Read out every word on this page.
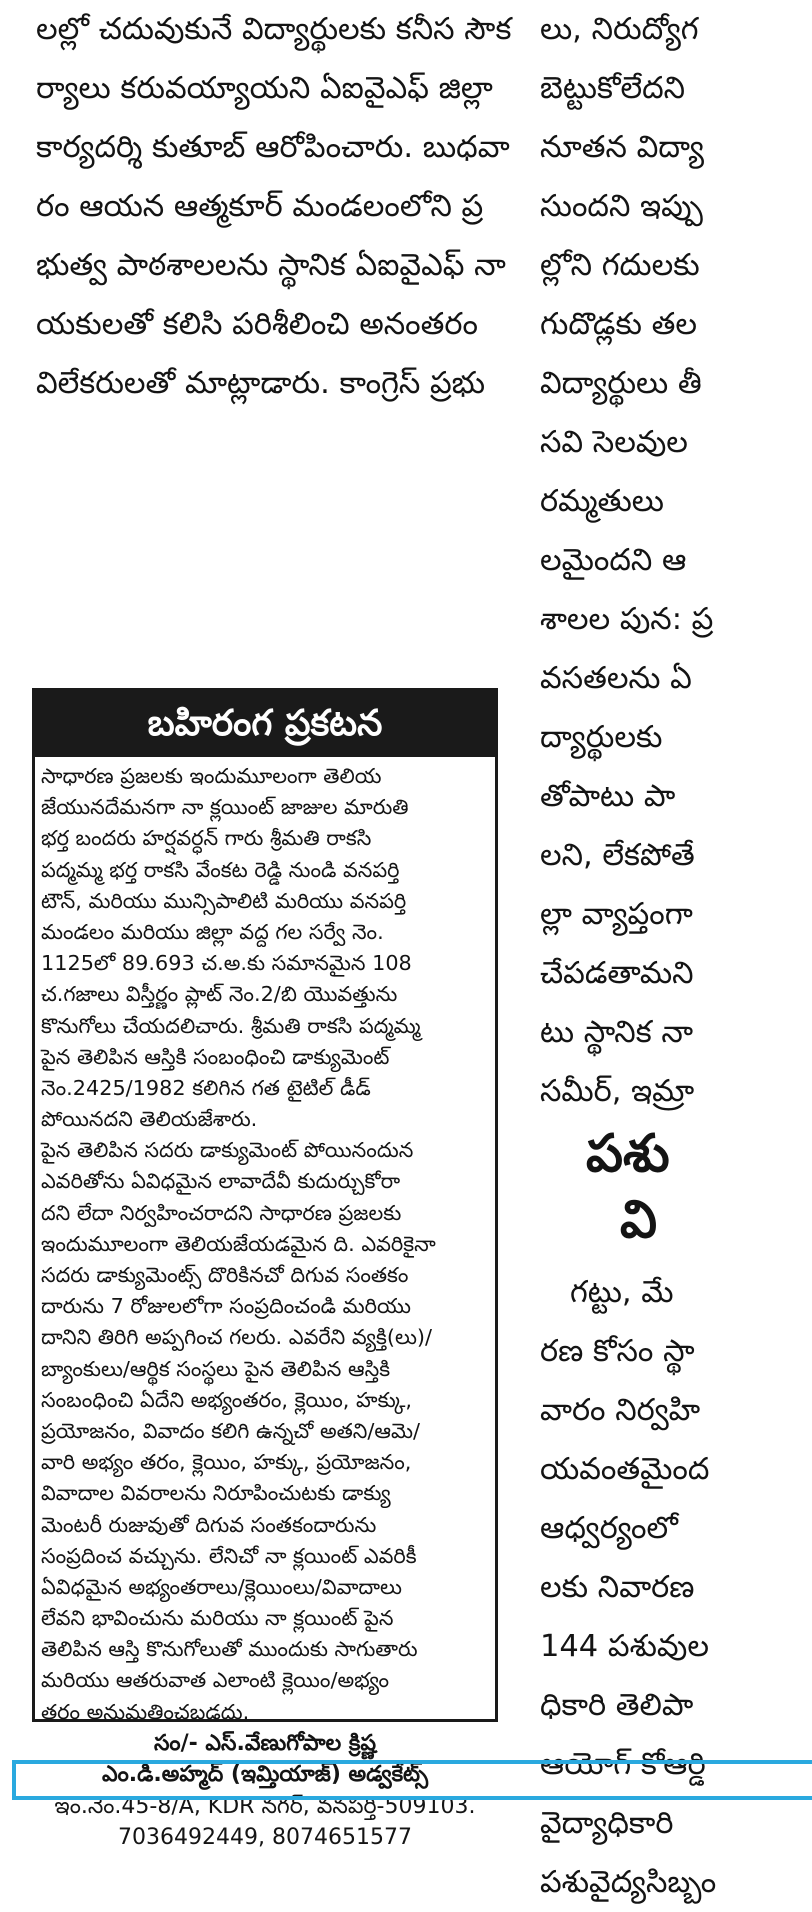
లల్లో చదువుకునే విద్యార్థులకు కనీస సౌక
ర్యాలు కరువయ్యాయని ఏఐవైఎఫ్ జిల్లా
కార్యదర్శి కుతూబ్ ఆరోపించారు. బుధవా
రం ఆయన ఆత్మకూర్ మండలంలోని ప్ర
భుత్వ పాఠశాలలను స్థానిక ఏఐవైఎఫ్ నా
యకులతో కలిసి పరిశీలించి అనంతరం
విలేకరులతో మాట్లాడారు. కాంగ్రెస్ ప్రభు
బహిరంగ ప్రకటన
సాధారణ ప్రజలకు ఇందుమూలంగా తెలియ
జేయునదేమనగా నా క్లయింట్ జాజుల మారుతి
భర్త బందరు హర్షవర్ధన్ గారు శ్రీమతి రాకసి
పద్మమ్మ భర్త రాకసి వేంకట రెడ్డి నుండి వనపర్తి
టౌన్, మరియు మున్సిపాలిటి మరియు వనపర్తి
మండలం మరియు జిల్లా వద్ద గల సర్వే నెం.
1125లో 89.693 చ.అ.కు సమానమైన 108
చ.గజాలు విస్తీర్ణం ప్లాట్ నెం.2/బి యొవత్తును
కొనుగోలు చేయదలిచారు. శ్రీమతి రాకసి పద్మమ్మ
పైన తెలిపిన ఆస్తికి సంబంధించి డాక్యుమెంట్
నెం.2425/1982 కలిగిన గత టైటిల్ డీడ్
పోయినదని తెలియజేశారు.
పైన తెలిపిన సదరు డాక్యుమెంట్ పోయినందున
ఎవరితోను ఏవిధమైన లావాదేవీ కుదుర్చుకోరా
దని లేదా నిర్వహించరాదని సాధారణ ప్రజలకు
ఇందుమూలంగా తెలియజేయడమైన ది. ఎవరికైనా
సదరు డాక్యుమెంట్స్ దొరికినచో దిగువ సంతకం
దారును 7 రోజులలోగా సంప్రదించండి మరియు
దానిని తిరిగి అప్పగించ గలరు. ఎవరేని వ్యక్తి(లు)/
బ్యాంకులు/ఆర్థిక సంస్థలు పైన తెలిపిన ఆస్తికి
సంబంధించి ఏదేని అభ్యంతరం, క్లెయిం, హక్కు,
ప్రయోజనం, వివాదం కలిగి ఉన్నచో అతని/ఆమె/
వారి అభ్యం తరం, క్లెయిం, హక్కు, ప్రయోజనం,
వివాదాల వివరాలను నిరూపించుటకు డాక్యు
మెంటరీ రుజువుతో దిగువ సంతకందారును
సంప్రదించ వచ్చును. లేనిచో నా క్లయింట్ ఎవరికీ
ఏవిధమైన అభ్యంతరాలు/క్లెయింలు/వివాదాలు
లేవని భావించును మరియు నా క్లయింట్ పైన
తెలిపిన ఆస్తి కొనుగోలుతో ముందుకు సాగుతారు
మరియు ఆతరువాత ఎలాంటి క్లెయిం/అభ్యం
తరం అనుమతించబడదు.
సం/- ఎస్.వేణుగోపాల క్రిష్ణ
ఎం.డి.అహ్మద్ (ఇమ్తియాజ్) అడ్వకేట్స్
ఇం.నెం.45-8/A, KDR నగర్, వనపర్తి-509103.
7036492449, 8074651577
లు, నిరుద్యోగ
బెట్టుకోలేదని
నూతన విద్యా
సుందని ఇప్పు
ల్లోని గదులకు
గుదొడ్లకు తల
విద్యార్థులు తీ
సవి సెలవుల
రమ్మతులు
లమైందని ఆ
శాలల పున: ప్ర
వసతలను ఏ
ద్యార్థులకు
తోపాటు పా
లని, లేకపోతే
ల్లా వ్యాప్తంగా
చేపడతామని
టు స్థానిక నా
సమీర్, ఇమ్రా
పశు
వి
గట్టు, మే
రణ కోసం స్థా
వారం నిర్వహి
యవంతమైంద
ఆధ్వర్యంలో
లకు నివారణ
144 పశువుల
ధికారి తెలిపా
ఆయోగ్ కోఆర్డి
వైద్యాధికారి
పశువైద్యసిబ్బం
